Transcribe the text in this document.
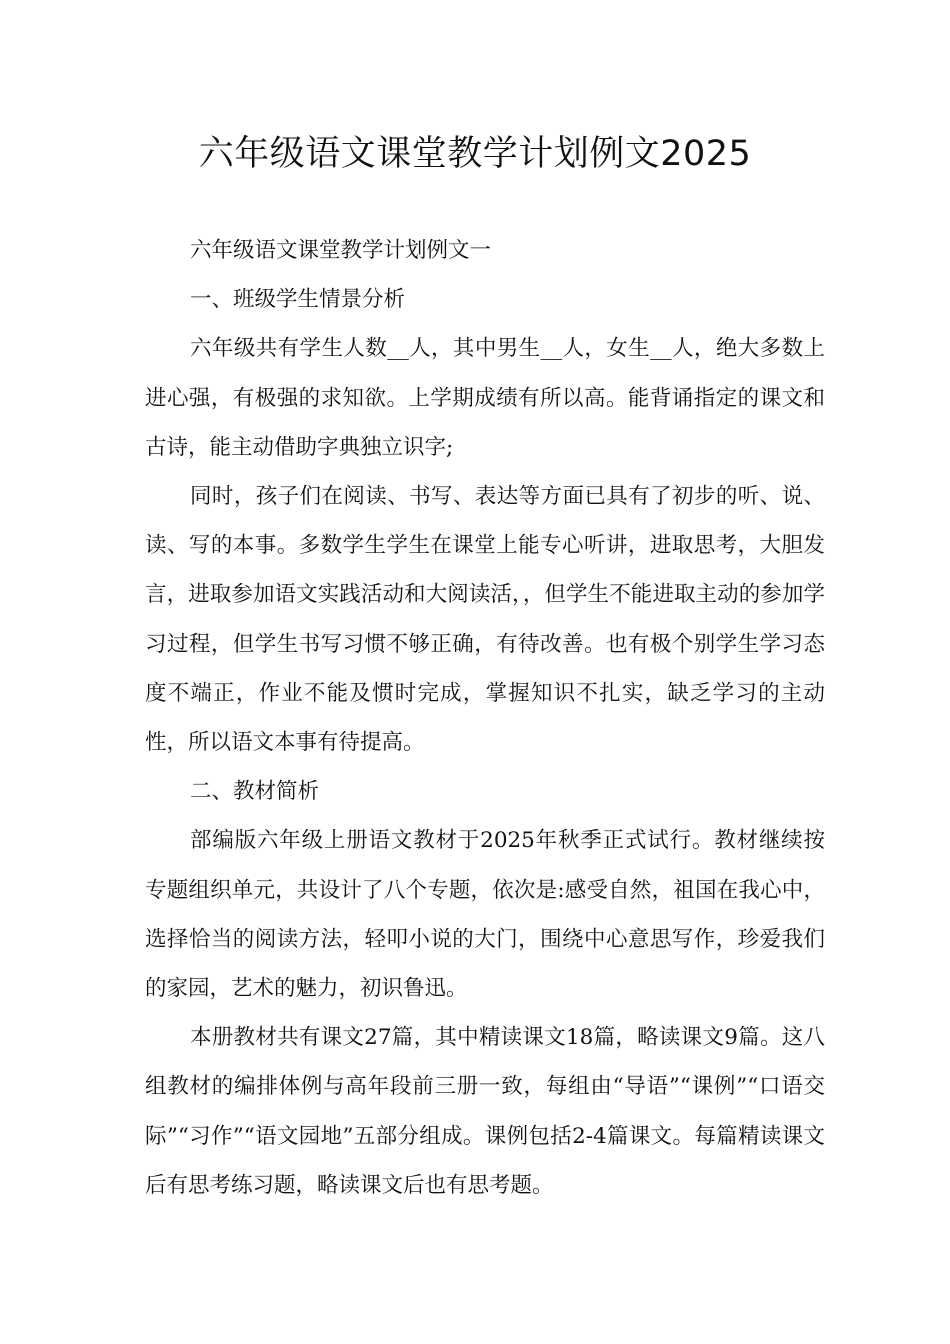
六年级语文课堂教学计划例文2025

六年级语文课堂教学计划例文一

一、班级学生情景分析

六年级共有学生人数__人，其中男生__人，女生__人，绝大多数上进心强，有极强的求知欲。上学期成绩有所以高。能背诵指定的课文和古诗，能主动借助字典独立识字;

同时，孩子们在阅读、书写、表达等方面已具有了初步的听、说、读、写的本事。多数学生学生在课堂上能专心听讲，进取思考，大胆发言，进取参加语文实践活动和大阅读活，，但学生不能进取主动的参加学习过程，但学生书写习惯不够正确，有待改善。也有极个别学生学习态度不端正，作业不能及惯时完成，掌握知识不扎实，缺乏学习的主动性，所以语文本事有待提高。

二、教材简析

部编版六年级上册语文教材于2025年秋季正式试行。教材继续按专题组织单元，共设计了八个专题，依次是:感受自然，祖国在我心中，选择恰当的阅读方法，轻叩小说的大门，围绕中心意思写作，珍爱我们的家园，艺术的魅力，初识鲁迅。

本册教材共有课文27篇，其中精读课文18篇，略读课文9篇。这八组教材的编排体例与高年段前三册一致，每组由“导语”“课例”“口语交际”“习作”“语文园地”五部分组成。课例包括2-4篇课文。每篇精读课文后有思考练习题，略读课文后也有思考题。
